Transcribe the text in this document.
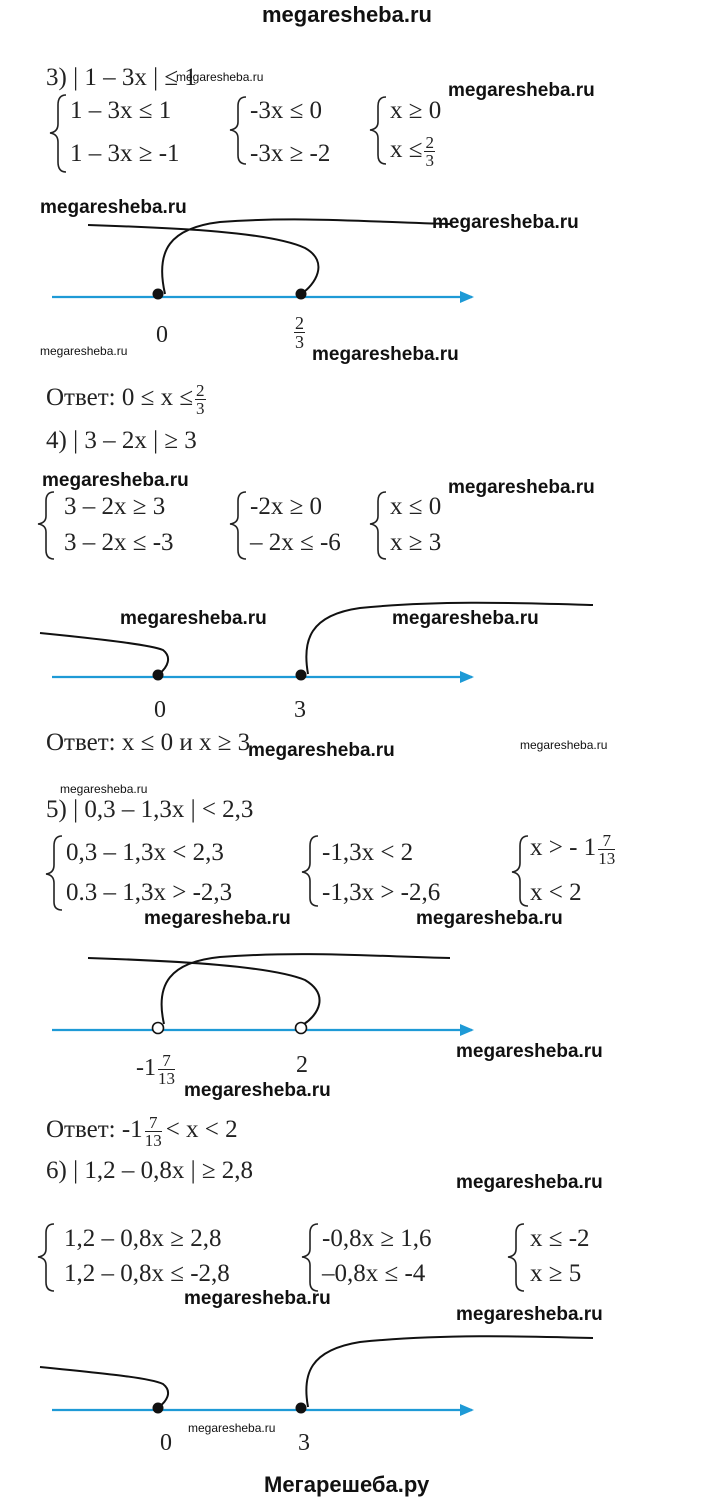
megaresheba.ru
Мегарешеба.ру
3) | 1 – 3x | ≤ 1
1 – 3x ≤ 1
1 – 3x ≥ -1
-3x ≤ 0
-3x ≥ -2
x ≥ 0
$x \le \frac{2}{3}$
0	$\frac{2}{3}$
Ответ: $0 \le x \le \frac{2}{3}$
4) | 3 – 2x | ≥ 3
3 – 2x ≥ 3
3 – 2x ≤ -3
-2x ≥ 0
– 2x ≤ -6
x ≤ 0
x ≥ 3
0	3
Ответ: x ≤ 0 и x ≥ 3
5) | 0,3 – 1,3x | < 2,3
0,3 – 1,3x < 2,3
0.3 – 1,3x > -2,3
-1,3x < 2
-1,3x > -2,6
x > - $1 \frac{7}{13}$
x < 2
$-1 \frac{7}{13}$	2
Ответ: $-1 \frac{7}{13} < x < 2$
6) | 1,2 – 0,8x | ≥ 2,8
1,2 – 0,8x ≥ 2,8
1,2 – 0,8x ≤ -2,8
-0,8x ≥ 1,6
–0,8x ≤ -4
x ≤ -2
x ≥ 5
0	3
megaresheba.ru
megaresheba.ru
megaresheba.ru
megaresheba.ru
megaresheba.ru	megaresheba.ru
megaresheba.ru	megaresheba.ru
megaresheba.ru	megaresheba.ru
megaresheba.ru	megaresheba.ru
megaresheba.ru
megaresheba.ru	megaresheba.ru
megaresheba.ru
megaresheba.ru
megaresheba.ru
megaresheba.ru
megaresheba.ru
megaresheba.ru
